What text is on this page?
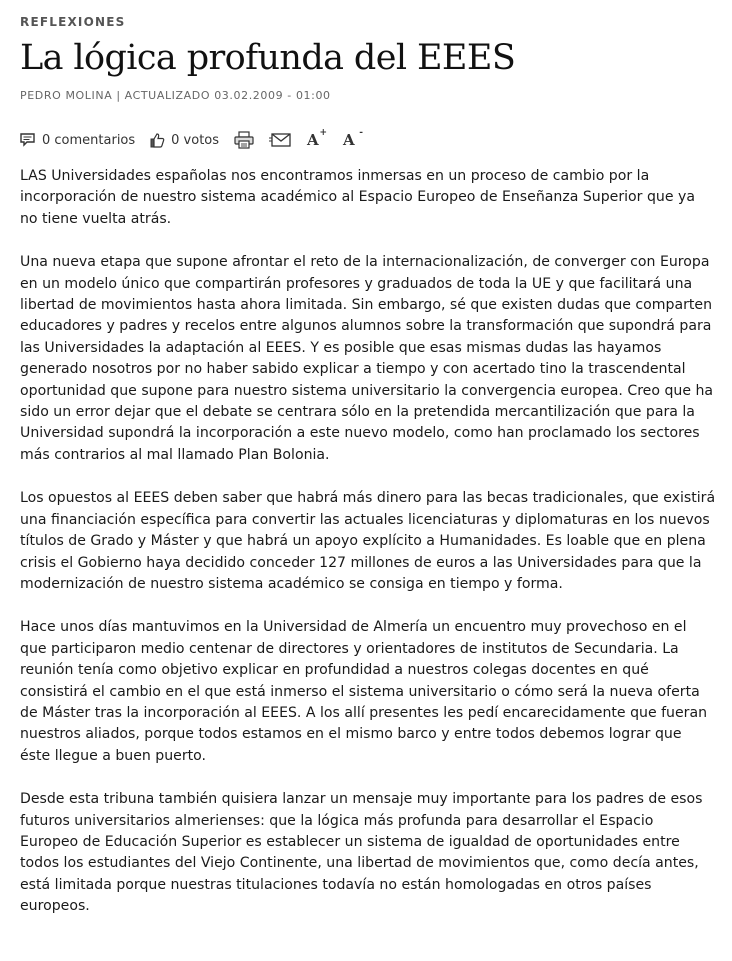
REFLEXIONES
La lógica profunda del EEES
PEDRO MOLINA | ACTUALIZADO 03.02.2009 - 01:00
0 comentarios	0 votos	A + A -

LAS Universidades españolas nos encontramos inmersas en un proceso de cambio por la incorporación de nuestro sistema académico al Espacio Europeo de Enseñanza Superior que ya no tiene vuelta atrás.

Una nueva etapa que supone afrontar el reto de la internacionalización, de converger con Europa en un modelo único que compartirán profesores y graduados de toda la UE y que facilitará una libertad de movimientos hasta ahora limitada. Sin embargo, sé que existen dudas que comparten educadores y padres y recelos entre algunos alumnos sobre la transformación que supondrá para las Universidades la adaptación al EEES. Y es posible que esas mismas dudas las hayamos generado nosotros por no haber sabido explicar a tiempo y con acertado tino la trascendental oportunidad que supone para nuestro sistema universitario la convergencia europea. Creo que ha sido un error dejar que el debate se centrara sólo en la pretendida mercantilización que para la Universidad supondrá la incorporación a este nuevo modelo, como han proclamado los sectores más contrarios al mal llamado Plan Bolonia.

Los opuestos al EEES deben saber que habrá más dinero para las becas tradicionales, que existirá una financiación específica para convertir las actuales licenciaturas y diplomaturas en los nuevos títulos de Grado y Máster y que habrá un apoyo explícito a Humanidades. Es loable que en plena crisis el Gobierno haya decidido conceder 127 millones de euros a las Universidades para que la modernización de nuestro sistema académico se consiga en tiempo y forma.

Hace unos días mantuvimos en la Universidad de Almería un encuentro muy provechoso en el que participaron medio centenar de directores y orientadores de institutos de Secundaria. La reunión tenía como objetivo explicar en profundidad a nuestros colegas docentes en qué consistirá el cambio en el que está inmerso el sistema universitario o cómo será la nueva oferta de Máster tras la incorporación al EEES. A los allí presentes les pedí encarecidamente que fueran nuestros aliados, porque todos estamos en el mismo barco y entre todos debemos lograr que éste llegue a buen puerto.

Desde esta tribuna también quisiera lanzar un mensaje muy importante para los padres de esos futuros universitarios almerienses: que la lógica más profunda para desarrollar el Espacio Europeo de Educación Superior es establecer un sistema de igualdad de oportunidades entre todos los estudiantes del Viejo Continente, una libertad de movimientos que, como decía antes, está limitada porque nuestras titulaciones todavía no están homologadas en otros países europeos.
